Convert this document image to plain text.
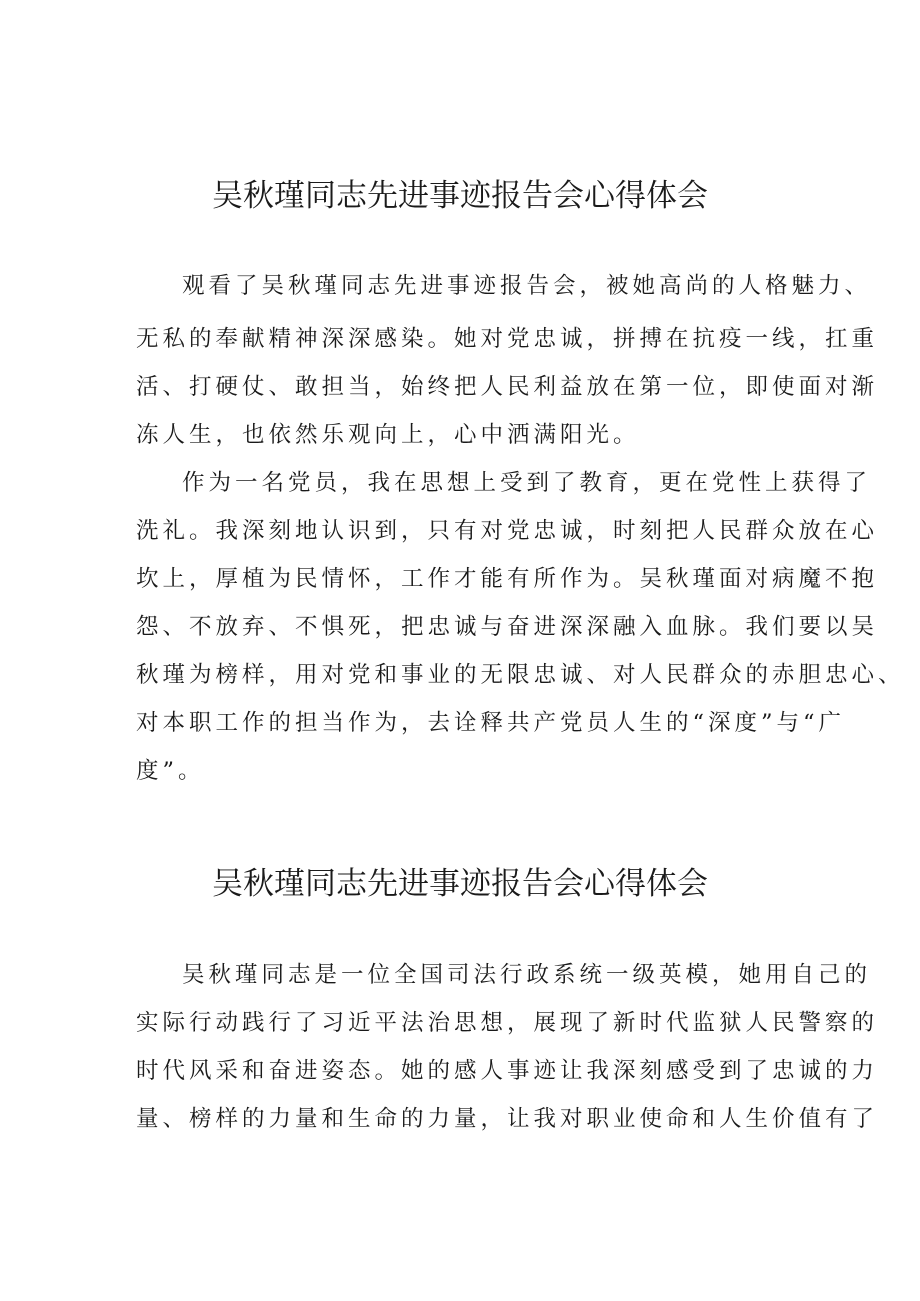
吴秋瑾同志先进事迹报告会心得体会

观看了吴秋瑾同志先进事迹报告会，被她高尚的人格魅力、

无私的奉献精神深深感染。她对党忠诚，拼搏在抗疫一线，扛重

活、打硬仗、敢担当，始终把人民利益放在第一位，即使面对渐

冻人生，也依然乐观向上，心中洒满阳光。

作为一名党员，我在思想上受到了教育，更在党性上获得了

洗礼。我深刻地认识到，只有对党忠诚，时刻把人民群众放在心

坎上，厚植为民情怀，工作才能有所作为。吴秋瑾面对病魔不抱

怨、不放弃、不惧死，把忠诚与奋进深深融入血脉。我们要以吴

秋瑾为榜样，用对党和事业的无限忠诚、对人民群众的赤胆忠心、

对本职工作的担当作为，去诠释共产党员人生的“深度”与“广

度”。

吴秋瑾同志先进事迹报告会心得体会

吴秋瑾同志是一位全国司法行政系统一级英模，她用自己的

实际行动践行了习近平法治思想，展现了新时代监狱人民警察的

时代风采和奋进姿态。她的感人事迹让我深刻感受到了忠诚的力

量、榜样的力量和生命的力量，让我对职业使命和人生价值有了
